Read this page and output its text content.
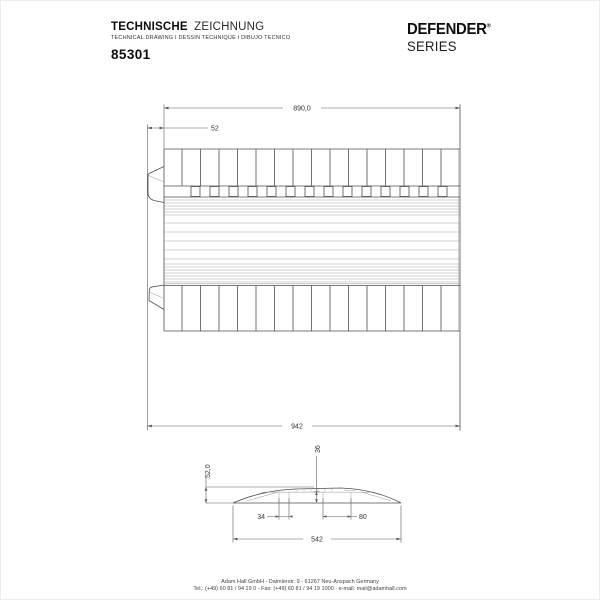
TECHNISCHE ZEICHNUNG
TECHNICAL DRAWING I DESSIN TECHNIQUE I DIBUJO TECNICO
85301
DEFENDER®
SERIES
890,0
52
942
52,0
36
34	80
542
Adam Hall GmbH - Daimlerstr. 9 - 61267 Neu-Anspach Germany
Tel.: (+49) 60 81 / 94 19 0 - Fax: (+49) 60 81 / 94 19 1000 - e-mail: mail@adamhall.com
